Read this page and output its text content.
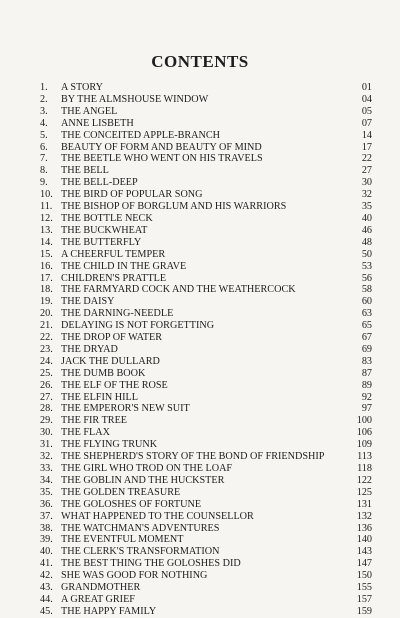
CONTENTS
1.	A STORY	01
2.	BY THE ALMSHOUSE WINDOW	04
3.	THE ANGEL	05
4.	ANNE LISBETH	07
5.	THE CONCEITED APPLE-BRANCH	14
6.	BEAUTY OF FORM AND BEAUTY OF MIND	17
7.	THE BEETLE WHO WENT ON HIS TRAVELS	22
8.	THE BELL	27
9.	THE BELL-DEEP	30
10. THE BIRD OF POPULAR SONG	32
11. THE BISHOP OF BORGLUM AND HIS WARRIORS	35
12. THE BOTTLE NECK	40
13. THE BUCKWHEAT	46
14. THE BUTTERFLY	48
15. A CHEERFUL TEMPER	50
16. THE CHILD IN THE GRAVE	53
17. CHILDREN'S PRATTLE	56
18. THE FARMYARD COCK AND THE WEATHERCOCK	58
19. THE DAISY	60
20. THE DARNING-NEEDLE	63
21. DELAYING IS NOT FORGETTING	65
22. THE DROP OF WATER	67
23. THE DRYAD	69
24. JACK THE DULLARD	83
25. THE DUMB BOOK	87
26. THE ELF OF THE ROSE	89
27. THE ELFIN HILL	92
28. THE EMPEROR'S NEW SUIT	97
29. THE FIR TREE	100
30. THE FLAX	106
31. THE FLYING TRUNK	109
32. THE SHEPHERD'S STORY OF THE BOND OF FRIENDSHIP	113
33. THE GIRL WHO TROD ON THE LOAF	118
34. THE GOBLIN AND THE HUCKSTER	122
35. THE GOLDEN TREASURE	125
36. THE GOLOSHES OF FORTUNE	131
37. WHAT HAPPENED TO THE COUNSELLOR	132
38. THE WATCHMAN'S ADVENTURES	136
39. THE EVENTFUL MOMENT	140
40. THE CLERK'S TRANSFORMATION	143
41. THE BEST THING THE GOLOSHES DID	147
42. SHE WAS GOOD FOR NOTHING	150
43. GRANDMOTHER	155
44. A GREAT GRIEF	157
45. THE HAPPY FAMILY	159
